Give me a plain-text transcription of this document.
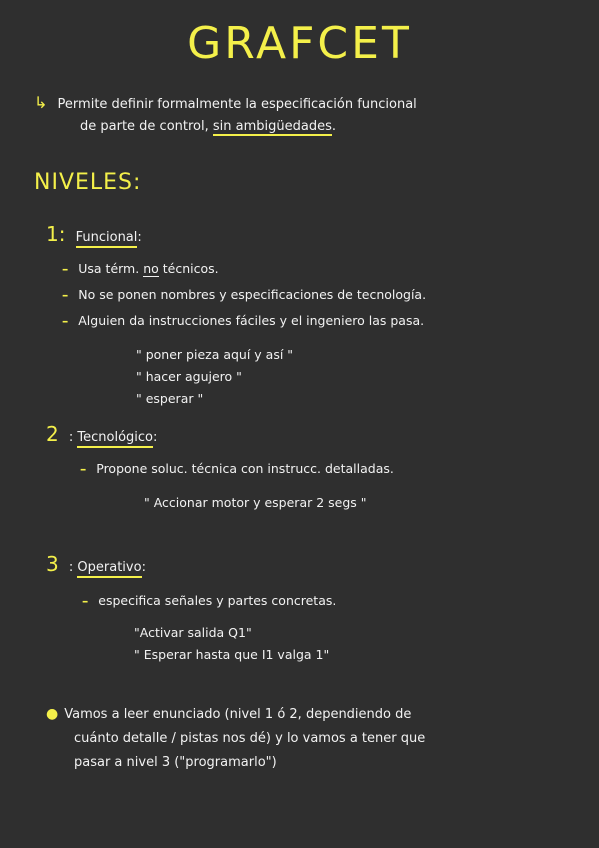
GRAFCET
↳ Permite definir formalmente la especificación funcional
de parte de control, sin ambigüedades.
NIVELES:
1: Funcional:
– Usa térm. no técnicos.
– No se ponen nombres y especificaciones de tecnología.
– Alguien da instrucciones fáciles y el ingeniero las pasa.
" poner pieza aquí y así "
" hacer agujero "
" esperar "
2 : Tecnológico:
– Propone soluc. técnica con instrucc. detalladas.
" Accionar motor y esperar 2 segs "
3 : Operativo:
– especifica señales y partes concretas.
"Activar salida Q1"
" Esperar hasta que I1 valga 1"
● Vamos a leer enunciado (nivel 1 ó 2, dependiendo de
cuánto detalle / pistas nos dé) y lo vamos a tener que
pasar a nivel 3 ("programarlo")
